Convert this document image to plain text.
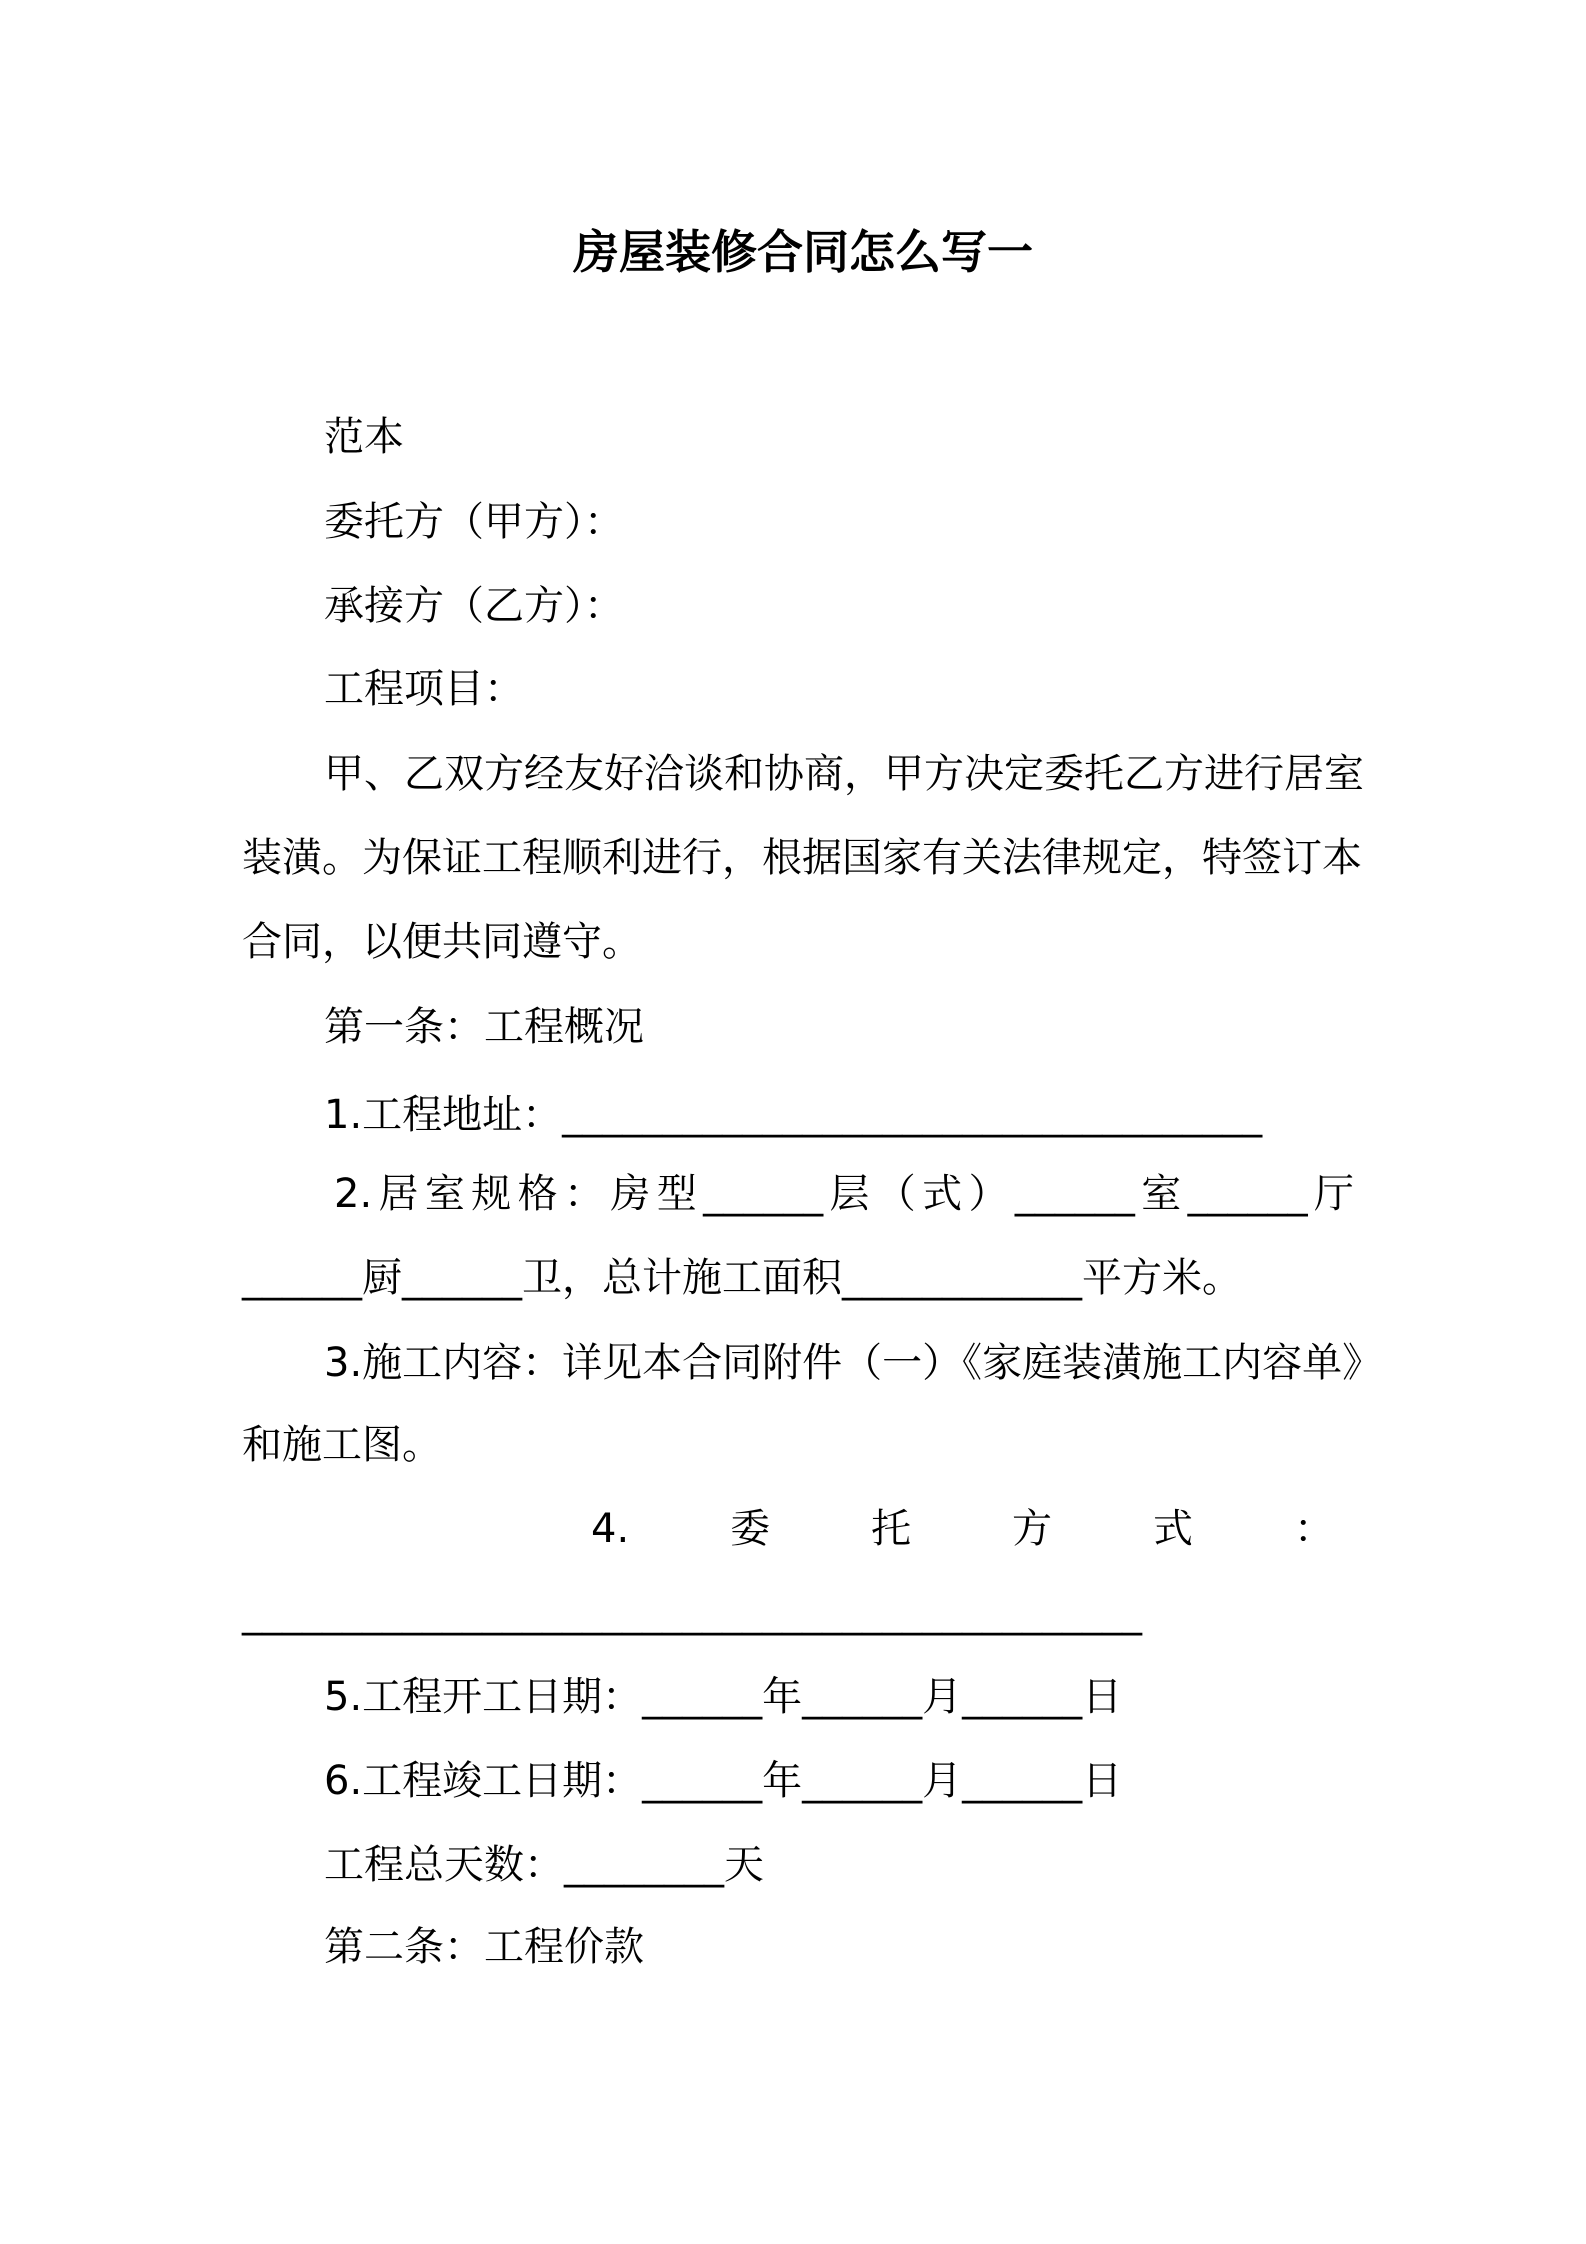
房屋装修合同怎么写一
范本
委托方（甲方）：
承接方（乙方）：
工程项目：
甲、乙双方经友好洽谈和协商，甲方决定委托乙方进行居室
装潢。为保证工程顺利进行，根据国家有关法律规定，特签订本
合同，以便共同遵守。
第一条：工程概况
1.工程地址：___________________________________
2.居室规格：房型______层（式）______室______厅
______厨______卫，总计施工面积____________平方米。
3.施工内容：详见本合同附件（一）《家庭装潢施工内容单》
和施工图。
4.委托方式：
_____________________________________________
5.工程开工日期：______年______月______日
6.工程竣工日期：______年______月______日
工程总天数：________天
第二条：工程价款
